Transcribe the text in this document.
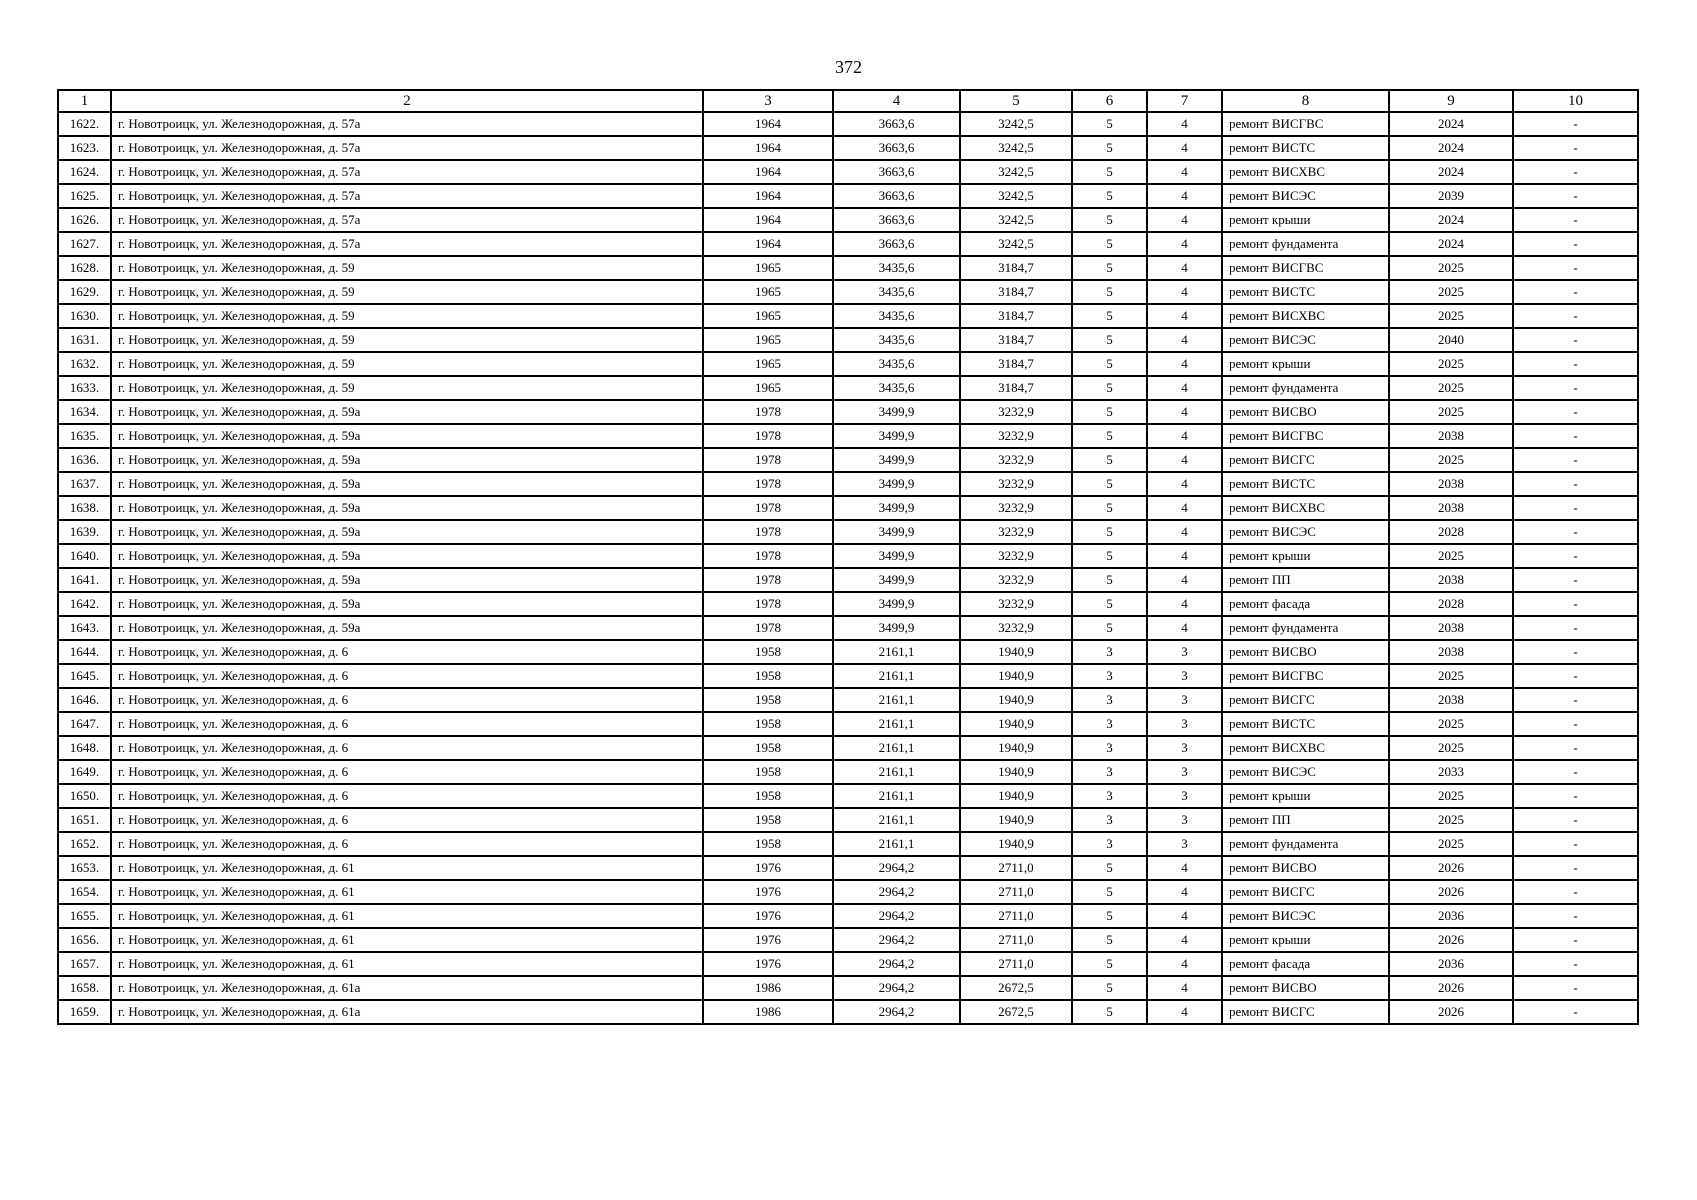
372
1	2	3	4	5	6	7	8	9	10
1622.	г. Новотроицк, ул. Железнодорожная, д. 57а	1964	3663,6	3242,5	5	4	ремонт ВИСГВС	2024	-
1623.	г. Новотроицк, ул. Железнодорожная, д. 57а	1964	3663,6	3242,5	5	4	ремонт ВИСТС	2024	-
1624.	г. Новотроицк, ул. Железнодорожная, д. 57а	1964	3663,6	3242,5	5	4	ремонт ВИСХВС	2024	-
1625.	г. Новотроицк, ул. Железнодорожная, д. 57а	1964	3663,6	3242,5	5	4	ремонт ВИСЭС	2039	-
1626.	г. Новотроицк, ул. Железнодорожная, д. 57а	1964	3663,6	3242,5	5	4	ремонт крыши	2024	-
1627.	г. Новотроицк, ул. Железнодорожная, д. 57а	1964	3663,6	3242,5	5	4	ремонт фундамента	2024	-
1628.	г. Новотроицк, ул. Железнодорожная, д. 59	1965	3435,6	3184,7	5	4	ремонт ВИСГВС	2025	-
1629.	г. Новотроицк, ул. Железнодорожная, д. 59	1965	3435,6	3184,7	5	4	ремонт ВИСТС	2025	-
1630.	г. Новотроицк, ул. Железнодорожная, д. 59	1965	3435,6	3184,7	5	4	ремонт ВИСХВС	2025	-
1631.	г. Новотроицк, ул. Железнодорожная, д. 59	1965	3435,6	3184,7	5	4	ремонт ВИСЭС	2040	-
1632.	г. Новотроицк, ул. Железнодорожная, д. 59	1965	3435,6	3184,7	5	4	ремонт крыши	2025	-
1633.	г. Новотроицк, ул. Железнодорожная, д. 59	1965	3435,6	3184,7	5	4	ремонт фундамента	2025	-
1634.	г. Новотроицк, ул. Железнодорожная, д. 59а	1978	3499,9	3232,9	5	4	ремонт ВИСВО	2025	-
1635.	г. Новотроицк, ул. Железнодорожная, д. 59а	1978	3499,9	3232,9	5	4	ремонт ВИСГВС	2038	-
1636.	г. Новотроицк, ул. Железнодорожная, д. 59а	1978	3499,9	3232,9	5	4	ремонт ВИСГС	2025	-
1637.	г. Новотроицк, ул. Железнодорожная, д. 59а	1978	3499,9	3232,9	5	4	ремонт ВИСТС	2038	-
1638.	г. Новотроицк, ул. Железнодорожная, д. 59а	1978	3499,9	3232,9	5	4	ремонт ВИСХВС	2038	-
1639.	г. Новотроицк, ул. Железнодорожная, д. 59а	1978	3499,9	3232,9	5	4	ремонт ВИСЭС	2028	-
1640.	г. Новотроицк, ул. Железнодорожная, д. 59а	1978	3499,9	3232,9	5	4	ремонт крыши	2025	-
1641.	г. Новотроицк, ул. Железнодорожная, д. 59а	1978	3499,9	3232,9	5	4	ремонт ПП	2038	-
1642.	г. Новотроицк, ул. Железнодорожная, д. 59а	1978	3499,9	3232,9	5	4	ремонт фасада	2028	-
1643.	г. Новотроицк, ул. Железнодорожная, д. 59а	1978	3499,9	3232,9	5	4	ремонт фундамента	2038	-
1644.	г. Новотроицк, ул. Железнодорожная, д. 6	1958	2161,1	1940,9	3	3	ремонт ВИСВО	2038	-
1645.	г. Новотроицк, ул. Железнодорожная, д. 6	1958	2161,1	1940,9	3	3	ремонт ВИСГВС	2025	-
1646.	г. Новотроицк, ул. Железнодорожная, д. 6	1958	2161,1	1940,9	3	3	ремонт ВИСГС	2038	-
1647.	г. Новотроицк, ул. Железнодорожная, д. 6	1958	2161,1	1940,9	3	3	ремонт ВИСТС	2025	-
1648.	г. Новотроицк, ул. Железнодорожная, д. 6	1958	2161,1	1940,9	3	3	ремонт ВИСХВС	2025	-
1649.	г. Новотроицк, ул. Железнодорожная, д. 6	1958	2161,1	1940,9	3	3	ремонт ВИСЭС	2033	-
1650.	г. Новотроицк, ул. Железнодорожная, д. 6	1958	2161,1	1940,9	3	3	ремонт крыши	2025	-
1651.	г. Новотроицк, ул. Железнодорожная, д. 6	1958	2161,1	1940,9	3	3	ремонт ПП	2025	-
1652.	г. Новотроицк, ул. Железнодорожная, д. 6	1958	2161,1	1940,9	3	3	ремонт фундамента	2025	-
1653.	г. Новотроицк, ул. Железнодорожная, д. 61	1976	2964,2	2711,0	5	4	ремонт ВИСВО	2026	-
1654.	г. Новотроицк, ул. Железнодорожная, д. 61	1976	2964,2	2711,0	5	4	ремонт ВИСГС	2026	-
1655.	г. Новотроицк, ул. Железнодорожная, д. 61	1976	2964,2	2711,0	5	4	ремонт ВИСЭС	2036	-
1656.	г. Новотроицк, ул. Железнодорожная, д. 61	1976	2964,2	2711,0	5	4	ремонт крыши	2026	-
1657.	г. Новотроицк, ул. Железнодорожная, д. 61	1976	2964,2	2711,0	5	4	ремонт фасада	2036	-
1658.	г. Новотроицк, ул. Железнодорожная, д. 61а	1986	2964,2	2672,5	5	4	ремонт ВИСВО	2026	-
1659.	г. Новотроицк, ул. Железнодорожная, д. 61а	1986	2964,2	2672,5	5	4	ремонт ВИСГС	2026	-
